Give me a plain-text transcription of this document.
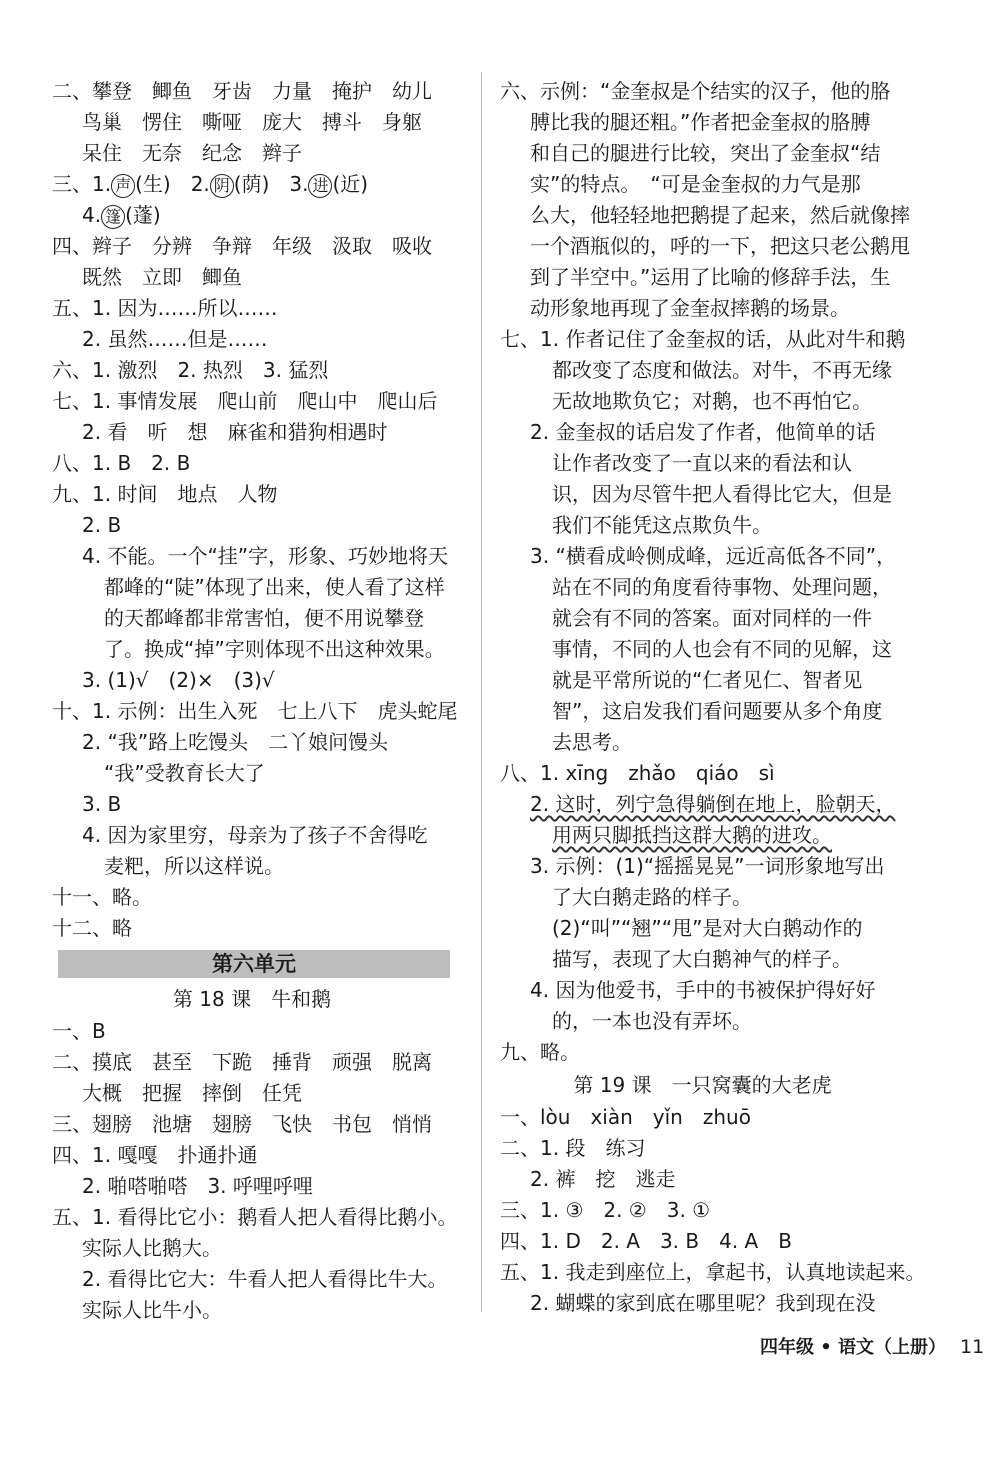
二、攀登　鲫鱼　牙齿　力量　掩护　幼儿
鸟巢　愣住　嘶哑　庞大　搏斗　身躯
呆住　无奈　纪念　辫子
三、1. 声 (生)　2. 阴 (荫)　3. 进 (近)
4. 篷 (蓬)
四、辫子　分辨　争辩　年级　汲取　吸收
既然　立即　鲫鱼
五、1. 因为……所以……
2. 虽然……但是……
六、1. 激烈　2. 热烈　3. 猛烈
七、1. 事情发展　爬山前　爬山中　爬山后
2. 看　听　想　麻雀和猎狗相遇时
八、1. B　2. B
九、1. 时间　地点　人物
2. B
4. 不能。一个“挂”字，形象、巧妙地将天
都峰的“陡”体现了出来，使人看了这样
的天都峰都非常害怕，便不用说攀登
了。换成“掉”字则体现不出这种效果。
3. (1)√　(2)×　(3)√
十、1. 示例：出生入死　七上八下　虎头蛇尾
2. “我”路上吃馒头　二丫娘问馒头
“我”受教育长大了
3. B
4. 因为家里穷，母亲为了孩子不舍得吃
麦粑，所以这样说。
十一、略。
十二、略
第六单元
第 18 课　牛和鹅
一、B
二、摸底　甚至　下跪　捶背　顽强　脱离
大概　把握　摔倒　任凭
三、翅膀　池塘　翅膀　飞快　书包　悄悄
四、1. 嘎嘎　扑通扑通
2. 啪嗒啪嗒　3. 呼哩呼哩
五、1. 看得比它小：鹅看人把人看得比鹅小。
实际人比鹅大。
2. 看得比它大：牛看人把人看得比牛大。
实际人比牛小。
六、示例：“金奎叔是个结实的汉子，他的胳
膊比我的腿还粗。”作者把金奎叔的胳膊
和自己的腿进行比较，突出了金奎叔“结
实”的特点。　“可是金奎叔的力气是那
么大，他轻轻地把鹅提了起来，然后就像摔
一个酒瓶似的，呼的一下，把这只老公鹅甩
到了半空中。”运用了比喻的修辞手法，生
动形象地再现了金奎叔摔鹅的场景。
七、1. 作者记住了金奎叔的话，从此对牛和鹅
都改变了态度和做法。对牛，不再无缘
无故地欺负它；对鹅，也不再怕它。
2. 金奎叔的话启发了作者，他简单的话
让作者改变了一直以来的看法和认
识，因为尽管牛把人看得比它大，但是
我们不能凭这点欺负牛。
3. “横看成岭侧成峰，远近高低各不同”，
站在不同的角度看待事物、处理问题，
就会有不同的答案。面对同样的一件
事情，不同的人也会有不同的见解，这
就是平常所说的“仁者见仁、智者见
智”，这启发我们看问题要从多个角度
去思考。
八、1. xīng　zhǎo　qiáo　sì
2. 这时，列宁急得躺倒在地上，脸朝天，
用两只脚抵挡这群大鹅的进攻。
3. 示例：(1)“摇摇晃晃”一词形象地写出
了大白鹅走路的样子。
(2)“叫”“翘”“甩”是对大白鹅动作的
描写，表现了大白鹅神气的样子。
4. 因为他爱书，手中的书被保护得好好
的，一本也没有弄坏。
九、略。
第 19 课　一只窝囊的大老虎
一、lòu　xiàn　yǐn　zhuō
二、1. 段　练习
2. 裤　挖　逃走
三、1. ③　2. ②　3. ①
四、1. D　2. A　3. B　4. A　B
五、1. 我走到座位上，拿起书，认真地读起来。
2. 蝴蝶的家到底在哪里呢？我到现在没
四年级 • 语文（上册） 11
